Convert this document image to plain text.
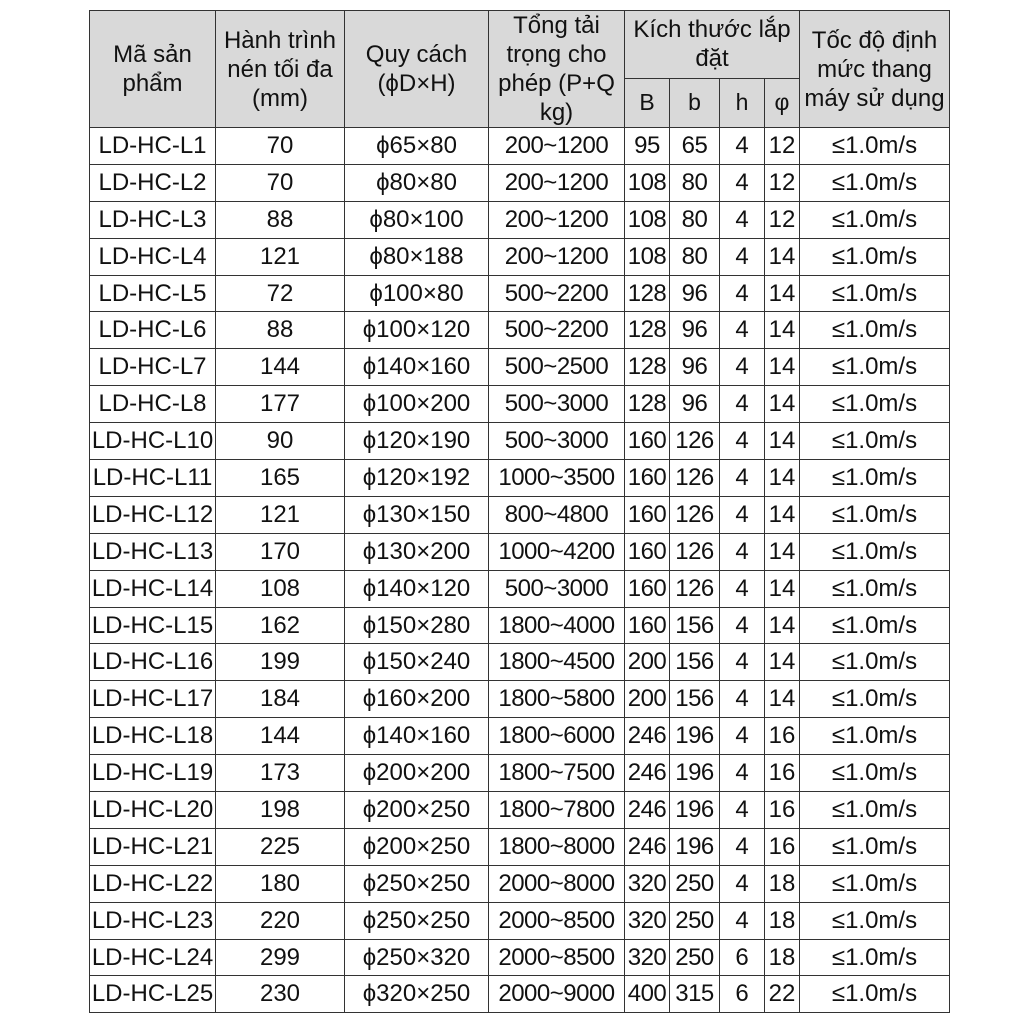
Mã sản phẩm	Hành trình nén tối đa (mm)	Quy cách (ϕD×H)	Tổng tải trọng cho phép (P+Q kg)	Kích thước lắp đặt				Tốc độ định mức thang máy sử dụng
				B	b	h	φ	
LD-HC-L1	70	ϕ65×80	200~1200	95	65	4	12	≤1.0m/s
LD-HC-L2	70	ϕ80×80	200~1200	108	80	4	12	≤1.0m/s
LD-HC-L3	88	ϕ80×100	200~1200	108	80	4	12	≤1.0m/s
LD-HC-L4	121	ϕ80×188	200~1200	108	80	4	14	≤1.0m/s
LD-HC-L5	72	ϕ100×80	500~2200	128	96	4	14	≤1.0m/s
LD-HC-L6	88	ϕ100×120	500~2200	128	96	4	14	≤1.0m/s
LD-HC-L7	144	ϕ140×160	500~2500	128	96	4	14	≤1.0m/s
LD-HC-L8	177	ϕ100×200	500~3000	128	96	4	14	≤1.0m/s
LD-HC-L10	90	ϕ120×190	500~3000	160	126	4	14	≤1.0m/s
LD-HC-L11	165	ϕ120×192	1000~3500	160	126	4	14	≤1.0m/s
LD-HC-L12	121	ϕ130×150	800~4800	160	126	4	14	≤1.0m/s
LD-HC-L13	170	ϕ130×200	1000~4200	160	126	4	14	≤1.0m/s
LD-HC-L14	108	ϕ140×120	500~3000	160	126	4	14	≤1.0m/s
LD-HC-L15	162	ϕ150×280	1800~4000	160	156	4	14	≤1.0m/s
LD-HC-L16	199	ϕ150×240	1800~4500	200	156	4	14	≤1.0m/s
LD-HC-L17	184	ϕ160×200	1800~5800	200	156	4	14	≤1.0m/s
LD-HC-L18	144	ϕ140×160	1800~6000	246	196	4	16	≤1.0m/s
LD-HC-L19	173	ϕ200×200	1800~7500	246	196	4	16	≤1.0m/s
LD-HC-L20	198	ϕ200×250	1800~7800	246	196	4	16	≤1.0m/s
LD-HC-L21	225	ϕ200×250	1800~8000	246	196	4	16	≤1.0m/s
LD-HC-L22	180	ϕ250×250	2000~8000	320	250	4	18	≤1.0m/s
LD-HC-L23	220	ϕ250×250	2000~8500	320	250	4	18	≤1.0m/s
LD-HC-L24	299	ϕ250×320	2000~8500	320	250	6	18	≤1.0m/s
LD-HC-L25	230	ϕ320×250	2000~9000	400	315	6	22	≤1.0m/s
